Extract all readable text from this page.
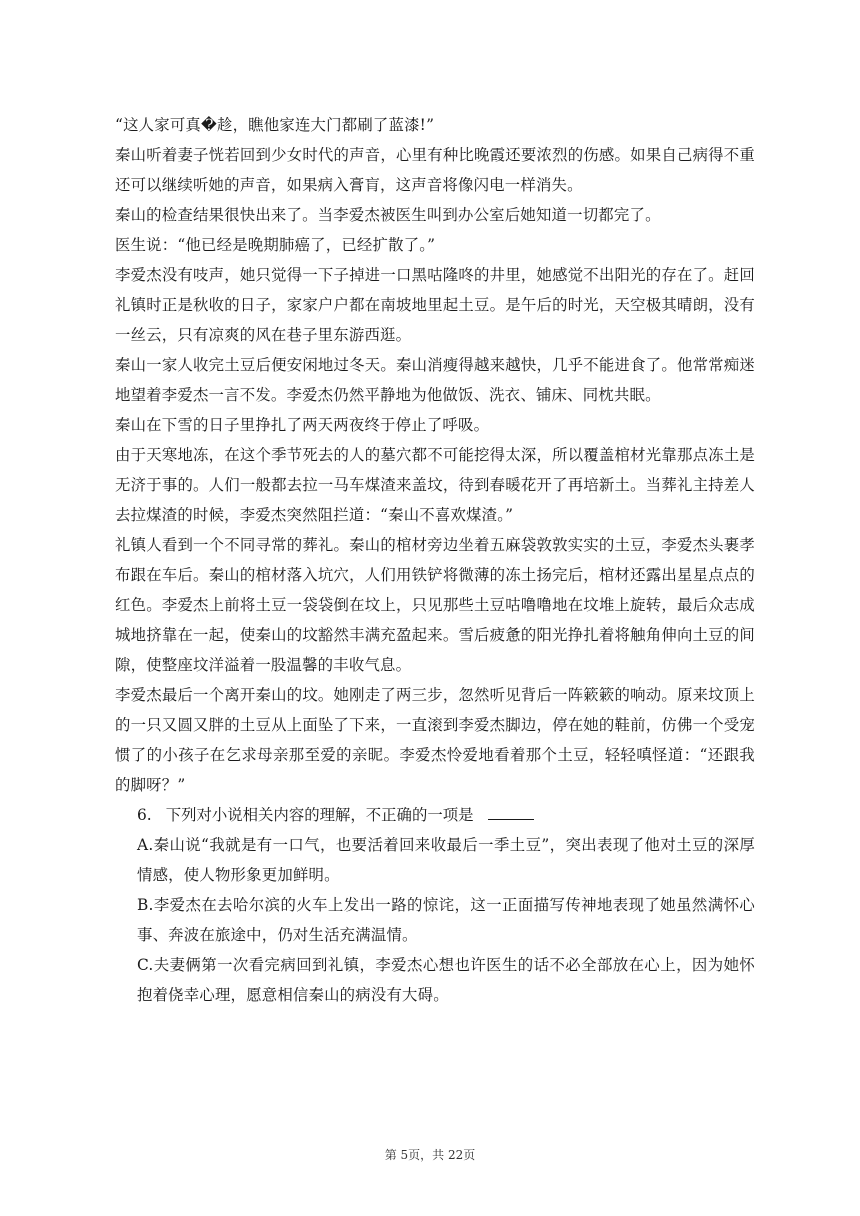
“这人家可真�趁，瞧他家连大门都刷了蓝漆!”

秦山听着妻子恍若回到少女时代的声音，心里有种比晚霞还要浓烈的伤感。如果自己病得不重还可以继续听她的声音，如果病入膏肓，这声音将像闪电一样消失。

秦山的检查结果很快出来了。当李爱杰被医生叫到办公室后她知道一切都完了。

医生说：“他已经是晚期肺癌了，已经扩散了。”

李爱杰没有吱声，她只觉得一下子掉进一口黑咕隆咚的井里，她感觉不出阳光的存在了。赶回礼镇时正是秋收的日子，家家户户都在南坡地里起土豆。是午后的时光，天空极其晴朗，没有一丝云，只有凉爽的风在巷子里东游西逛。

秦山一家人收完土豆后便安闲地过冬天。秦山消瘦得越来越快，几乎不能进食了。他常常痴迷地望着李爱杰一言不发。李爱杰仍然平静地为他做饭、洗衣、铺床、同枕共眠。

秦山在下雪的日子里挣扎了两天两夜终于停止了呼吸。

由于天寒地冻，在这个季节死去的人的墓穴都不可能挖得太深，所以覆盖棺材光靠那点冻土是无济于事的。人们一般都去拉一马车煤渣来盖坟，待到春暖花开了再培新土。当葬礼主持差人去拉煤渣的时候，李爱杰突然阻拦道：“秦山不喜欢煤渣。”

礼镇人看到一个不同寻常的葬礼。秦山的棺材旁边坐着五麻袋敦敦实实的土豆，李爱杰头裹孝布跟在车后。秦山的棺材落入坑穴，人们用铁铲将微薄的冻土扬完后，棺材还露出星星点点的红色。李爱杰上前将土豆一袋袋倒在坟上，只见那些土豆咕噜噜地在坟堆上旋转，最后众志成城地挤靠在一起，使秦山的坟豁然丰满充盈起来。雪后疲惫的阳光挣扎着将触角伸向土豆的间隙，使整座坟洋溢着一股温馨的丰收气息。

李爱杰最后一个离开秦山的坟。她刚走了两三步，忽然听见背后一阵簌簌的响动。原来坟顶上的一只又圆又胖的土豆从上面坠了下来，一直滚到李爱杰脚边，停在她的鞋前，仿佛一个受宠惯了的小孩子在乞求母亲那至爱的亲昵。李爱杰怜爱地看着那个土豆，轻轻嗔怪道：“还跟我的脚呀？”

6. 下列对小说相关内容的理解，不正确的一项是

A.秦山说“我就是有一口气，也要活着回来收最后一季土豆”，突出表现了他对土豆的深厚情感，使人物形象更加鲜明。

B.李爱杰在去哈尔滨的火车上发出一路的惊诧，这一正面描写传神地表现了她虽然满怀心事、奔波在旅途中，仍对生活充满温情。

C.夫妻俩第一次看完病回到礼镇，李爱杰心想也许医生的话不必全部放在心上，因为她怀抱着侥幸心理，愿意相信秦山的病没有大碍。

第 5页，共 22页
